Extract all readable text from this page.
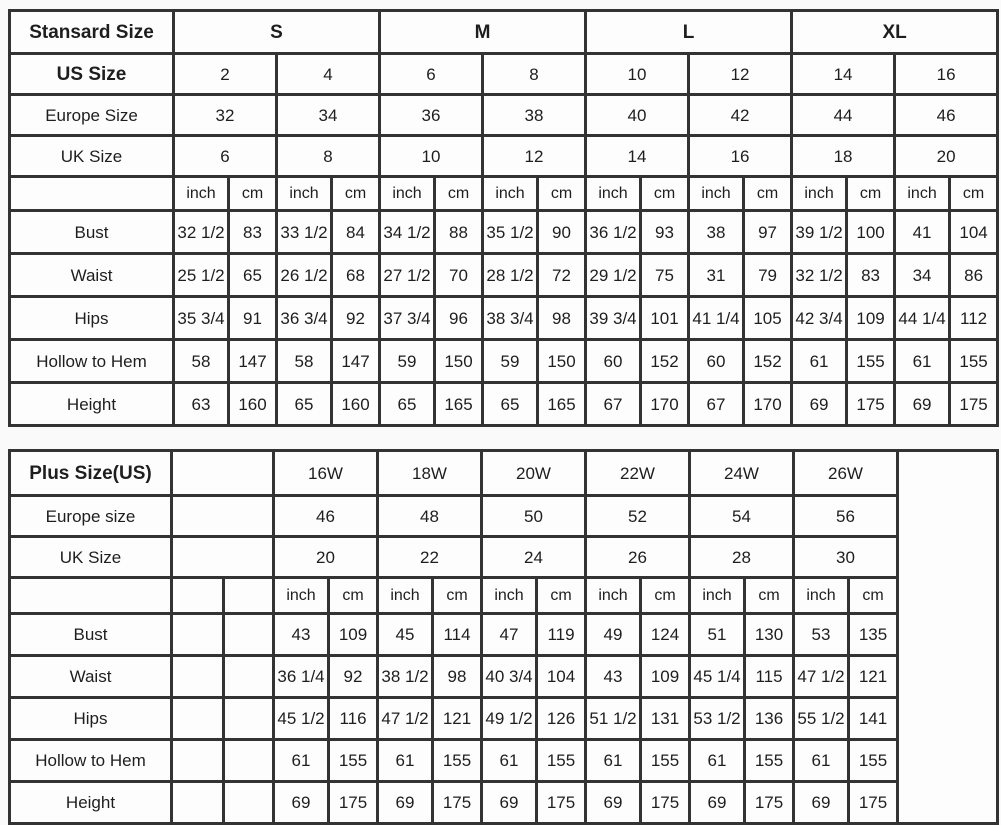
Stansard Size	S				M				L				XL			
US Size	2		4		6		8		10		12		14		16	
Europe Size	32		34		36		38		40		42		44		46	
UK Size	6		8		10		12		14		16		18		20	
	inch	cm	inch	cm	inch	cm	inch	cm	inch	cm	inch	cm	inch	cm	inch	cm
Bust	32 1/2	83	33 1/2	84	34 1/2	88	35 1/2	90	36 1/2	93	38	97	39 1/2	100	41	104
Waist	25 1/2	65	26 1/2	68	27 1/2	70	28 1/2	72	29 1/2	75	31	79	32 1/2	83	34	86
Hips	35 3/4	91	36 3/4	92	37 3/4	96	38 3/4	98	39 3/4	101	41 1/4	105	42 3/4	109	44 1/4	112
Hollow to Hem	58	147	58	147	59	150	59	150	60	152	60	152	61	155	61	155
Height	63	160	65	160	65	165	65	165	67	170	67	170	69	175	69	175
Plus Size(US)			16W		18W		20W		22W		24W		26W		
Europe size			46		48		50		52		54		56		
UK Size			20		22		24		26		28		30		
			inch	cm	inch	cm	inch	cm	inch	cm	inch	cm	inch	cm	
Bust			43	109	45	114	47	119	49	124	51	130	53	135	
Waist			36 1/4	92	38 1/2	98	40 3/4	104	43	109	45 1/4	115	47 1/2	121	
Hips			45 1/2	116	47 1/2	121	49 1/2	126	51 1/2	131	53 1/2	136	55 1/2	141	
Hollow to Hem			61	155	61	155	61	155	61	155	61	155	61	155	
Height			69	175	69	175	69	175	69	175	69	175	69	175	
